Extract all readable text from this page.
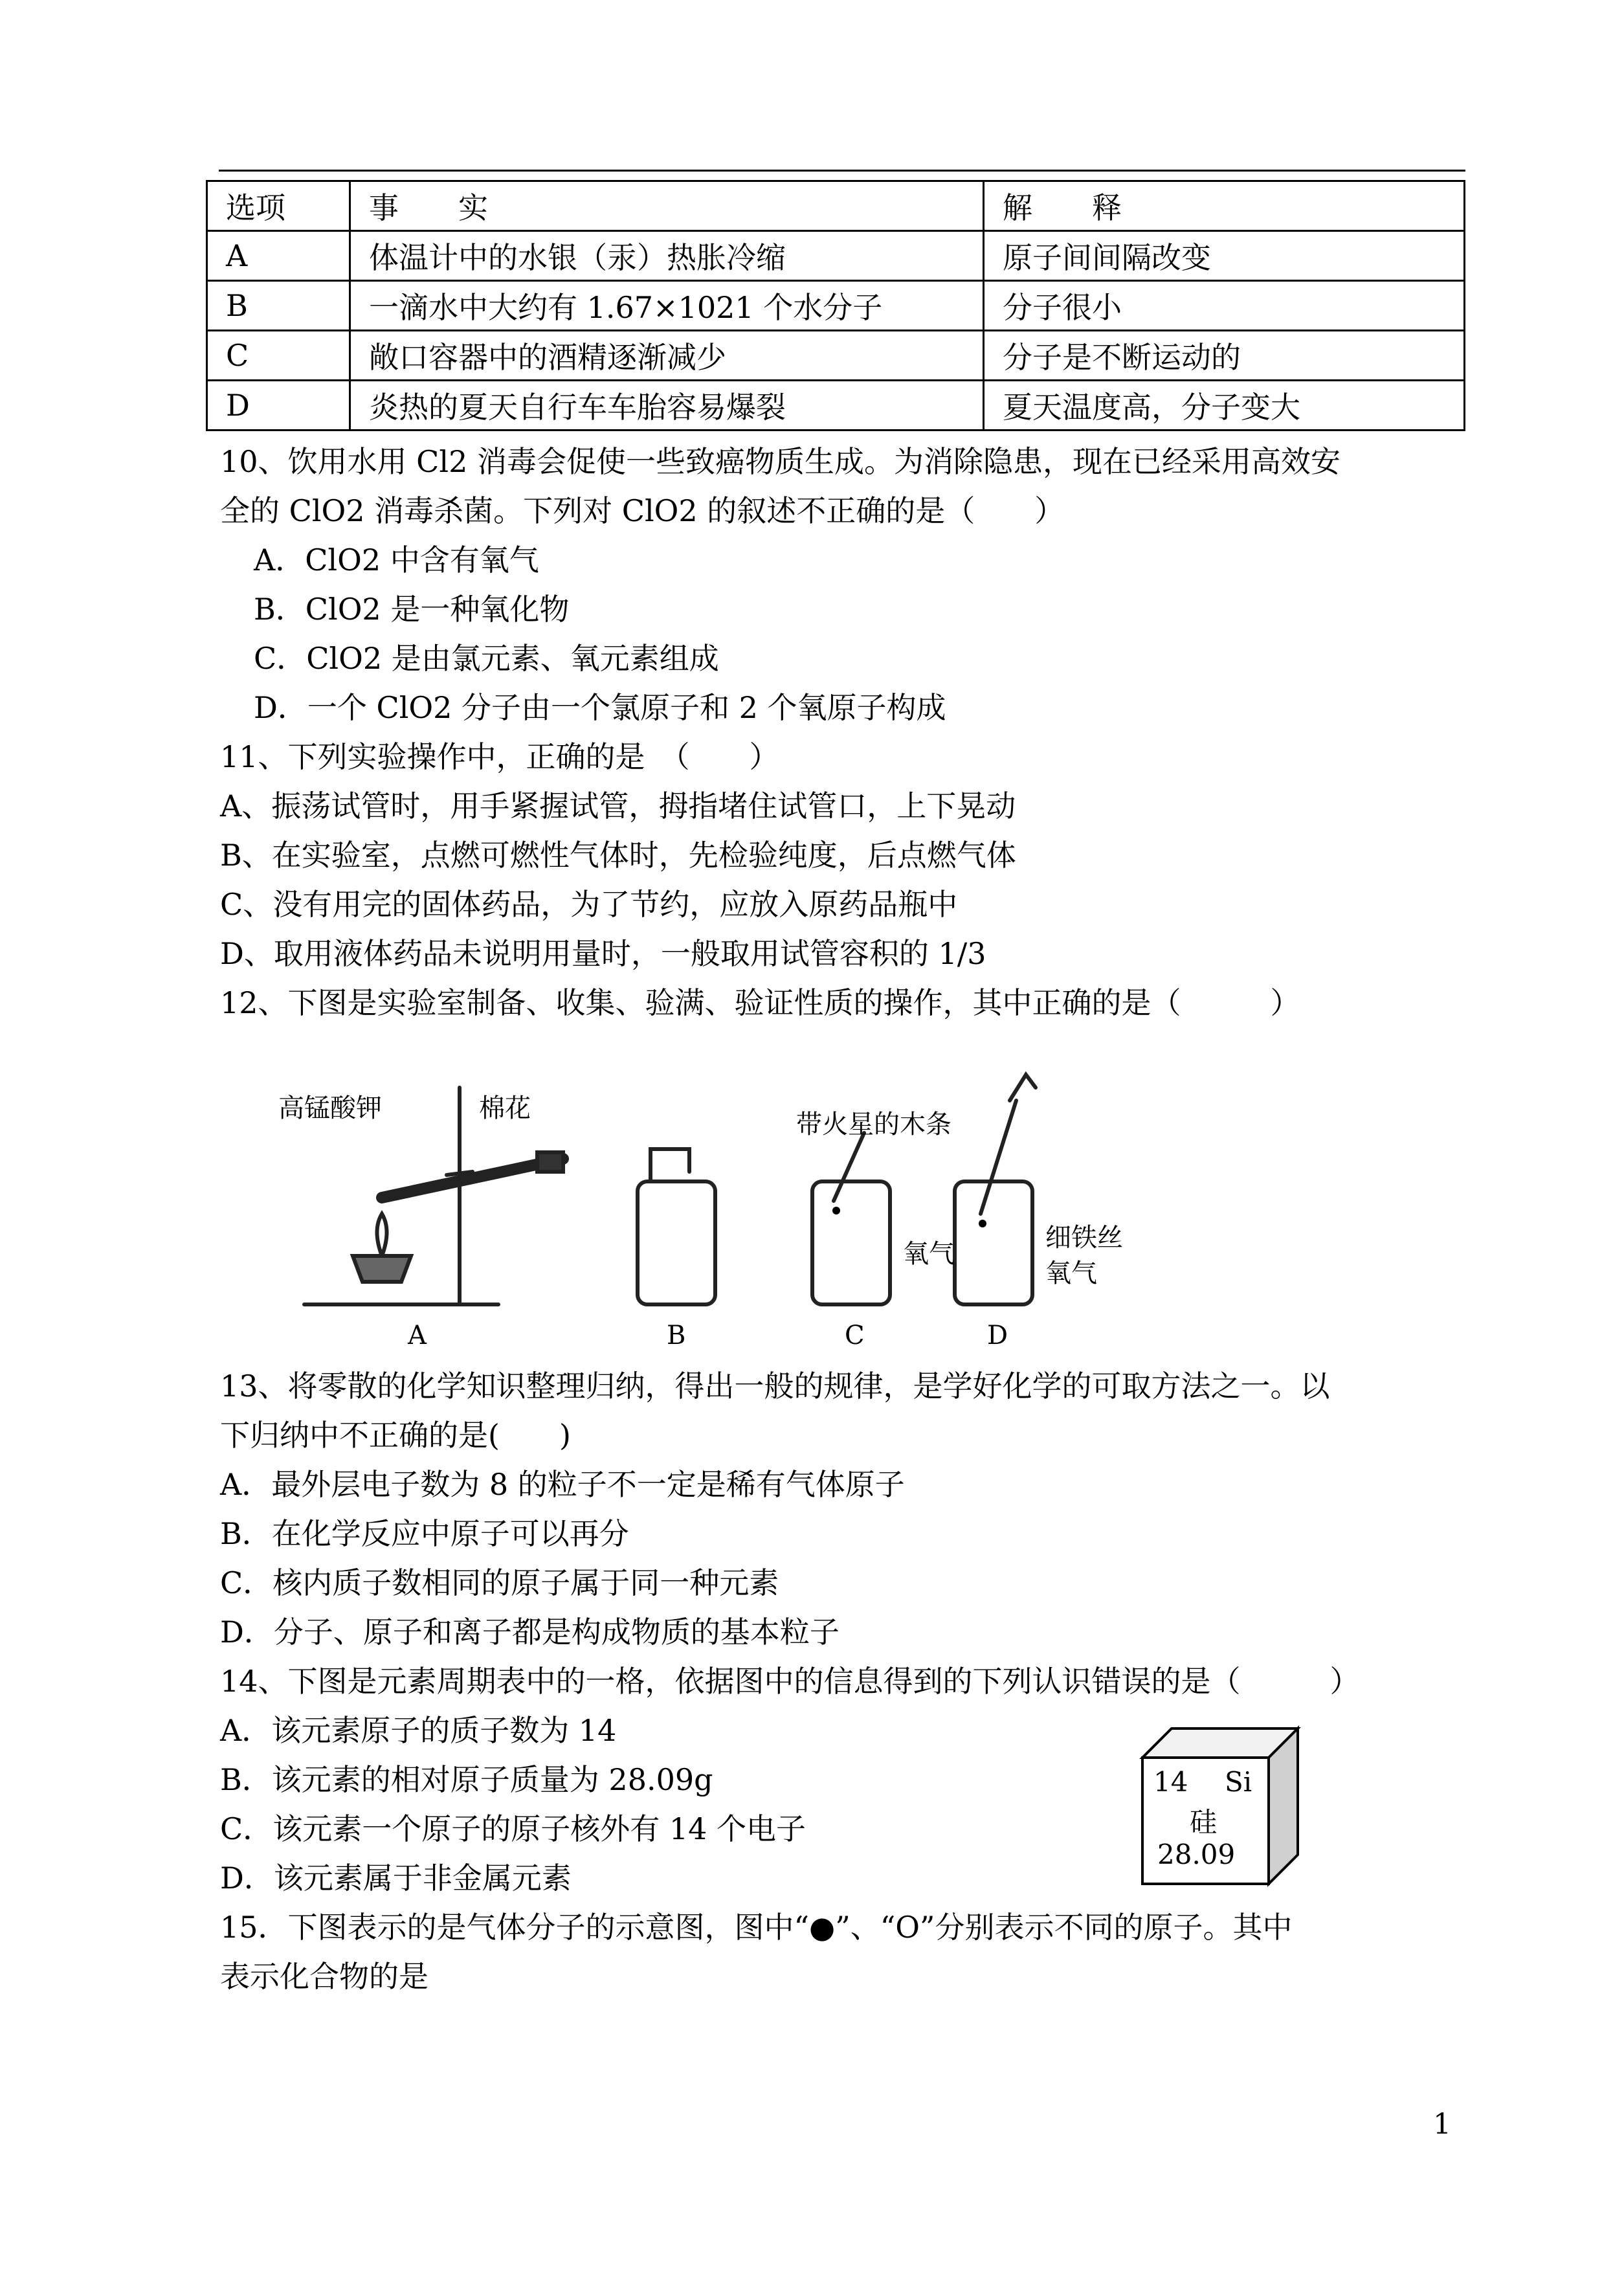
选项	事　　实	解　　释
A	体温计中的水银（汞）热胀冷缩	原子间间隔改变
B	一滴水中大约有 1.67×1021 个水分子	分子很小
C	敞口容器中的酒精逐渐减少	分子是不断运动的
D	炎热的夏天自行车车胎容易爆裂	夏天温度高，分子变大
10、饮用水用 Cl2 消毒会促使一些致癌物质生成。为消除隐患，现在已经采用高效安
全的 ClO2 消毒杀菌。下列对 ClO2 的叙述不正确的是（　　）
A．ClO2 中含有氧气
B．ClO2 是一种氧化物
C．ClO2 是由氯元素、氧元素组成
D．一个 ClO2 分子由一个氯原子和 2 个氧原子构成
11、下列实验操作中，正确的是　（　　）
A、振荡试管时，用手紧握试管，拇指堵住试管口，上下晃动
B、在实验室，点燃可燃性气体时，先检验纯度，后点燃气体
C、没有用完的固体药品，为了节约，应放入原药品瓶中
D、取用液体药品未说明用量时，一般取用试管容积的 1/3
12、下图是实验室制备、收集、验满、验证性质的操作，其中正确的是（　　　）
高锰酸钾	棉花
带火星的木条
氧气
细铁丝
氧气
A	B	C	D
13、将零散的化学知识整理归纳，得出一般的规律，是学好化学的可取方法之一。以
下归纳中不正确的是(　　)
A．最外层电子数为 8 的粒子不一定是稀有气体原子
B．在化学反应中原子可以再分
C．核内质子数相同的原子属于同一种元素
D．分子、原子和离子都是构成物质的基本粒子
14、下图是元素周期表中的一格，依据图中的信息得到的下列认识错误的是（　　　）
A．该元素原子的质子数为 14
B．该元素的相对原子质量为 28.09g
C．该元素一个原子的原子核外有 14 个电子
D．该元素属于非金属元素
14 Si
硅
28.09
15．下图表示的是气体分子的示意图，图中“●”、“O”分别表示不同的原子。其中
表示化合物的是
1
